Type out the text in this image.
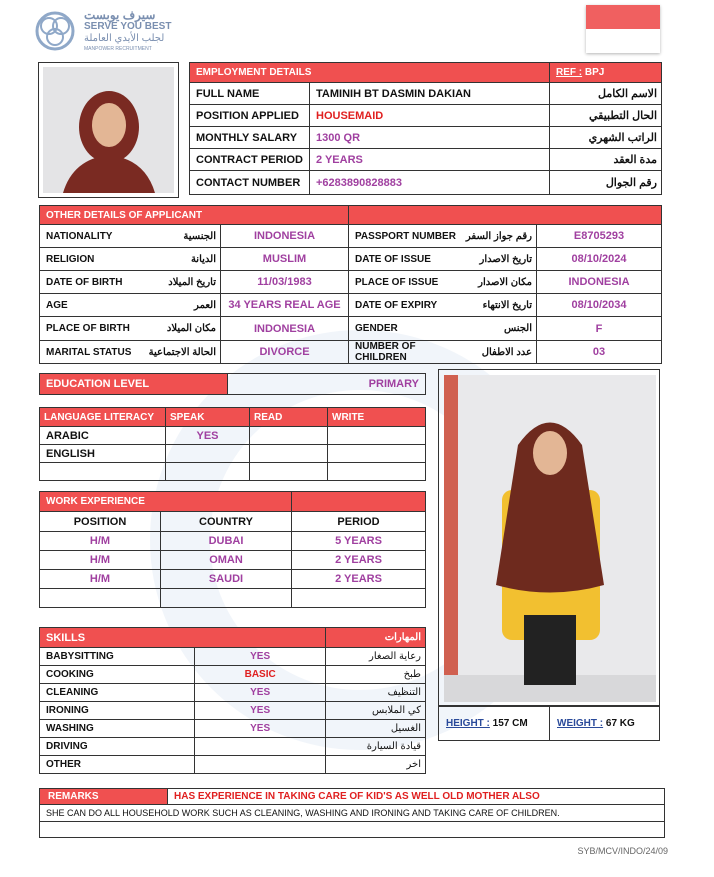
سيرف يوبست
SERVE YOU BEST
لجلب الأيدي العاملة
MANPOWER RECRUITMENT
EMPLOYMENT DETAILS		REF : BPJ
FULL NAME	TAMINIH BT DASMIN DAKIAN	الاسم الكامل
POSITION APPLIED	HOUSEMAID	الحال التطبيقي
MONTHLY SALARY	1300 QR	الراتب الشهري
CONTRACT PERIOD	2 YEARS	مدة العقد
CONTACT NUMBER	+6283890828883	رقم الجوال
OTHER DETAILS OF APPLICANT					
NATIONALITY	الجنسية	INDONESIA	PASSPORT NUMBER	رقم جواز السفر	E8705293
RELIGION	الديانة	MUSLIM	DATE OF ISSUE	تاريخ الاصدار	08/10/2024
DATE OF BIRTH	تاريخ الميلاد	11/03/1983	PLACE OF ISSUE	مكان الاصدار	INDONESIA
AGE	العمر	34 YEARS REAL AGE	DATE OF EXPIRY	تاريخ الانتهاء	08/10/2034
PLACE OF BIRTH	مكان الميلاد	INDONESIA	GENDER	الجنس	F
MARITAL STATUS	الحالة الاجتماعية	DIVORCE	NUMBER OF CHILDREN	عدد الاطفال	03
EDUCATION LEVEL	PRIMARY
LANGUAGE LITERACY	SPEAK	READ	WRITE
ARABIC	YES		
ENGLISH			

WORK EXPERIENCE		
POSITION	COUNTRY	PERIOD
H/M	DUBAI	5 YEARS
H/M	OMAN	2 YEARS
H/M	SAUDI	2 YEARS

SKILLS		المهارات
BABYSITTING	YES	رعاية الصغار
COOKING	BASIC	طبخ
CLEANING	YES	التنظيف
IRONING	YES	كي الملابس
WASHING	YES	الغسيل
DRIVING		قيادة السيارة
OTHER		اخر
HEIGHT : 157 CM	WEIGHT : 67 KG
REMARKS	HAS EXPERIENCE IN TAKING CARE OF KID'S AS WELL OLD MOTHER ALSO
SHE CAN DO ALL HOUSEHOLD WORK SUCH AS CLEANING, WASHING AND IRONING AND TAKING CARE OF CHILDREN.

SYB/MCV/INDO/24/09
